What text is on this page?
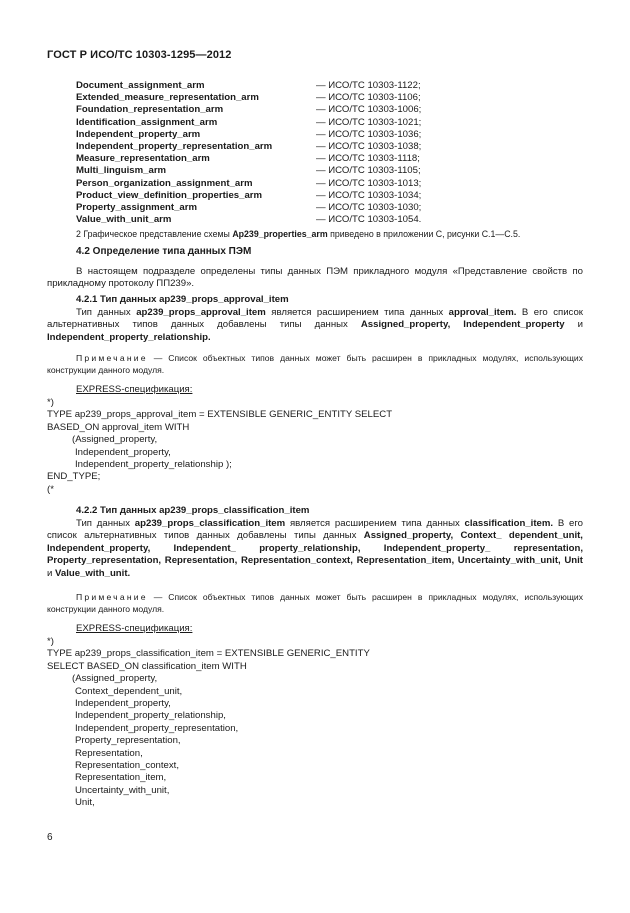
ГОСТ Р ИСО/ТС 10303-1295—2012
Document_assignment_arm	— ИСО/ТС 10303-1122;
Extended_measure_representation_arm	— ИСО/ТС 10303-1106;
Foundation_representation_arm	— ИСО/ТС 10303-1006;
Identification_assignment_arm	— ИСО/ТС 10303-1021;
Independent_property_arm	— ИСО/ТС 10303-1036;
Independent_property_representation_arm	— ИСО/ТС 10303-1038;
Measure_representation_arm	— ИСО/ТС 10303-1118;
Multi_linguism_arm	— ИСО/ТС 10303-1105;
Person_organization_assignment_arm	— ИСО/ТС 10303-1013;
Product_view_definition_properties_arm	— ИСО/ТС 10303-1034;
Property_assignment_arm	— ИСО/ТС 10303-1030;
Value_with_unit_arm	— ИСО/ТС 10303-1054.
2 Графическое представление схемы Ap239_properties_arm приведено в приложении С, рисунки С.1—С.5.
4.2 Определение типа данных ПЭМ
В настоящем подразделе определены типы данных ПЭМ прикладного модуля «Представление свойств по прикладному протоколу ПП239».
4.2.1 Тип данных ap239_props_approval_item
Тип данных ap239_props_approval_item является расширением типа данных approval_item. В его список альтернативных типов данных добавлены типы данных Assigned_property, Independent_property и Independent_property_relationship.
Примечание — Список объектных типов данных может быть расширен в прикладных модулях, использующих конструкции данного модуля.
EXPRESS-спецификация:
*)
TYPE ap239_props_approval_item = EXTENSIBLE GENERIC_ENTITY SELECT
BASED_ON approval_item WITH
(Assigned_property,
Independent_property,
Independent_property_relationship );
END_TYPE;
(*
4.2.2 Тип данных ap239_props_classification_item
Тип данных ap239_props_classification_item является расширением типа данных classification_item. В его список альтернативных типов данных добавлены типы данных Assigned_property, Context_ dependent_unit, Independent_property, Independent_ property_relationship, Independent_property_ representation, Property_representation, Representation, Representation_context, Representation_item, Uncertainty_with_unit, Unit и Value_with_unit.
Примечание — Список объектных типов данных может быть расширен в прикладных модулях, использующих конструкции данного модуля.
EXPRESS-спецификация:
*)
TYPE ap239_props_classification_item = EXTENSIBLE GENERIC_ENTITY
SELECT BASED_ON classification_item WITH
(Assigned_property,
Context_dependent_unit,
Independent_property,
Independent_property_relationship,
Independent_property_representation,
Property_representation,
Representation,
Representation_context,
Representation_item,
Uncertainty_with_unit,
Unit,
6
